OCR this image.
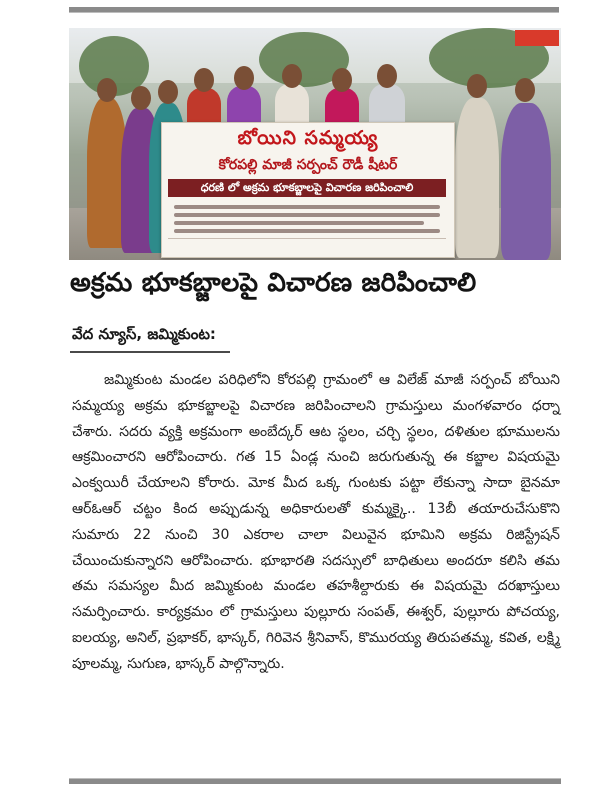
బోయిని సమ్మయ్య
కోరపల్లి మాజీ సర్పంచ్ రౌడీ షీటర్
ధరణి లో అక్రమ భూకబ్జాలపై విచారణ జరిపించాలి
అక్రమ భూకబ్జాలపై విచారణ జరిపించాలి
వేద న్యూస్, జమ్మికుంట:

జమ్మికుంట మండల పరిధిలోని కోరపల్లి గ్రామంలో ఆ విలేజ్ మాజీ సర్పంచ్ బోయిని సమ్మయ్య అక్రమ భూకబ్జాలపై విచారణ జరిపించాలని గ్రామస్తులు మంగళవారం ధర్నా చేశారు. సదరు వ్యక్తి అక్రమంగా అంబేద్కర్ ఆట స్థలం, చర్చి స్థలం, దళితుల భూములను ఆక్రమించారని ఆరోపించారు. గత 15 ఏండ్ల నుంచి జరుగుతున్న ఈ కబ్జాల విషయమై ఎంక్వయిరీ చేయాలని కోరారు. మోక మీద ఒక్క గుంటకు పట్టా లేకున్నా సాదా బైనమా ఆర్ఓఆర్ చట్టం కింద అప్పుడున్న అధికారులతో కుమ్మక్కై.. 13బీ తయారుచేసుకొని సుమారు 22 నుంచి 30 ఎకరాల చాలా విలువైన భూమిని అక్రమ రిజిస్ట్రేషన్ చేయించుకున్నారని ఆరోపించారు. భూభారతి సదస్సులో బాధితులు అందరూ కలిసి తమ తమ సమస్యల మీద జమ్మికుంట మండల తహశీల్దారుకు ఈ విషయమై దరఖాస్తులు సమర్పించారు. కార్యక్రమం లో గ్రామస్తులు పుల్లూరు సంపత్, ఈశ్వర్, పుల్లూరు పోచయ్య, ఐలయ్య, అనిల్, ప్రభాకర్, భాస్కర్, గిరివెన శ్రీనివాస్, కొమురయ్య తిరుపతమ్మ, కవిత, లక్ష్మి పూలమ్మ, సుగుణ, భాస్కర్ పాల్గొన్నారు.
